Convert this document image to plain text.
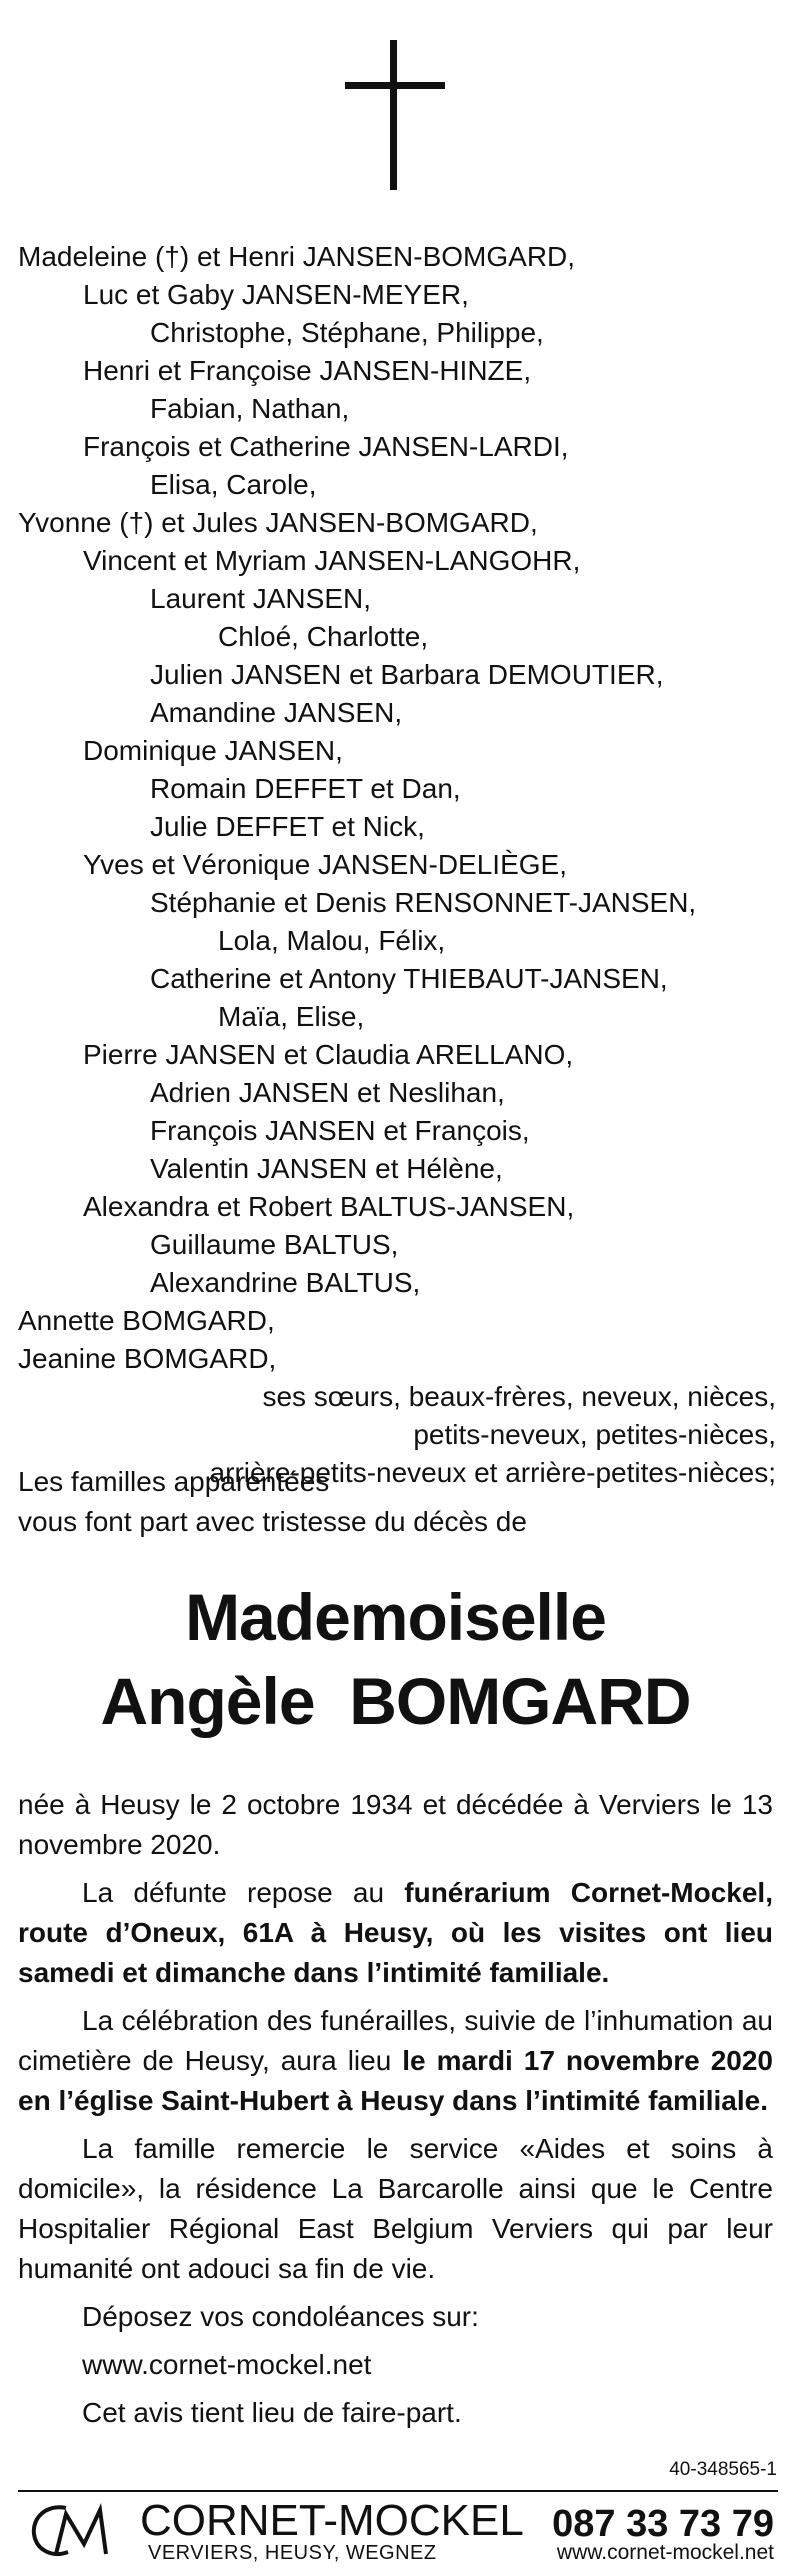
Madeleine (†) et Henri JANSEN-BOMGARD,
Luc et Gaby JANSEN-MEYER,
Christophe, Stéphane, Philippe,
Henri et Françoise JANSEN-HINZE,
Fabian, Nathan,
François et Catherine JANSEN-LARDI,
Elisa, Carole,
Yvonne (†) et Jules JANSEN-BOMGARD,
Vincent et Myriam JANSEN-LANGOHR,
Laurent JANSEN,
Chloé, Charlotte,
Julien JANSEN et Barbara DEMOUTIER,
Amandine JANSEN,
Dominique JANSEN,
Romain DEFFET et Dan,
Julie DEFFET et Nick,
Yves et Véronique JANSEN-DELIÈGE,
Stéphanie et Denis RENSONNET-JANSEN,
Lola, Malou, Félix,
Catherine et Antony THIEBAUT-JANSEN,
Maïa, Elise,
Pierre JANSEN et Claudia ARELLANO,
Adrien JANSEN et Neslihan,
François JANSEN et François,
Valentin JANSEN et Hélène,
Alexandra et Robert BALTUS-JANSEN,
Guillaume BALTUS,
Alexandrine BALTUS,
Annette BOMGARD,
Jeanine BOMGARD,
ses sœurs, beaux-frères, neveux, nièces,
petits-neveux, petites-nièces,
arrière-petits-neveux et arrière-petites-nièces;
Les familles apparentées
vous font part avec tristesse du décès de
Mademoiselle
Angèle  BOMGARD

née à Heusy le 2 octobre 1934 et décédée à Verviers le 13 novembre 2020.

La défunte repose au funérarium Cornet-Mockel, route d’Oneux, 61A à Heusy, où les visites ont lieu samedi et dimanche dans l’intimité familiale.

La célébration des funérailles, suivie de l’inhumation au cimetière de Heusy, aura lieu le mardi 17 novembre 2020 en l’église Saint-Hubert à Heusy dans l’intimité familiale.

La famille remercie le service «Aides et soins à domicile», la résidence La Barcarolle ainsi que le Centre Hospitalier Régional East Belgium Verviers qui par leur humanité ont adouci sa fin de vie.

Déposez vos condoléances sur:
www.cornet-mockel.net
Cet avis tient lieu de faire-part.
40-348565-1
CORNET-MOCKEL
VERVIERS, HEUSY, WEGNEZ
087 33 73 79
www.cornet-mockel.net
